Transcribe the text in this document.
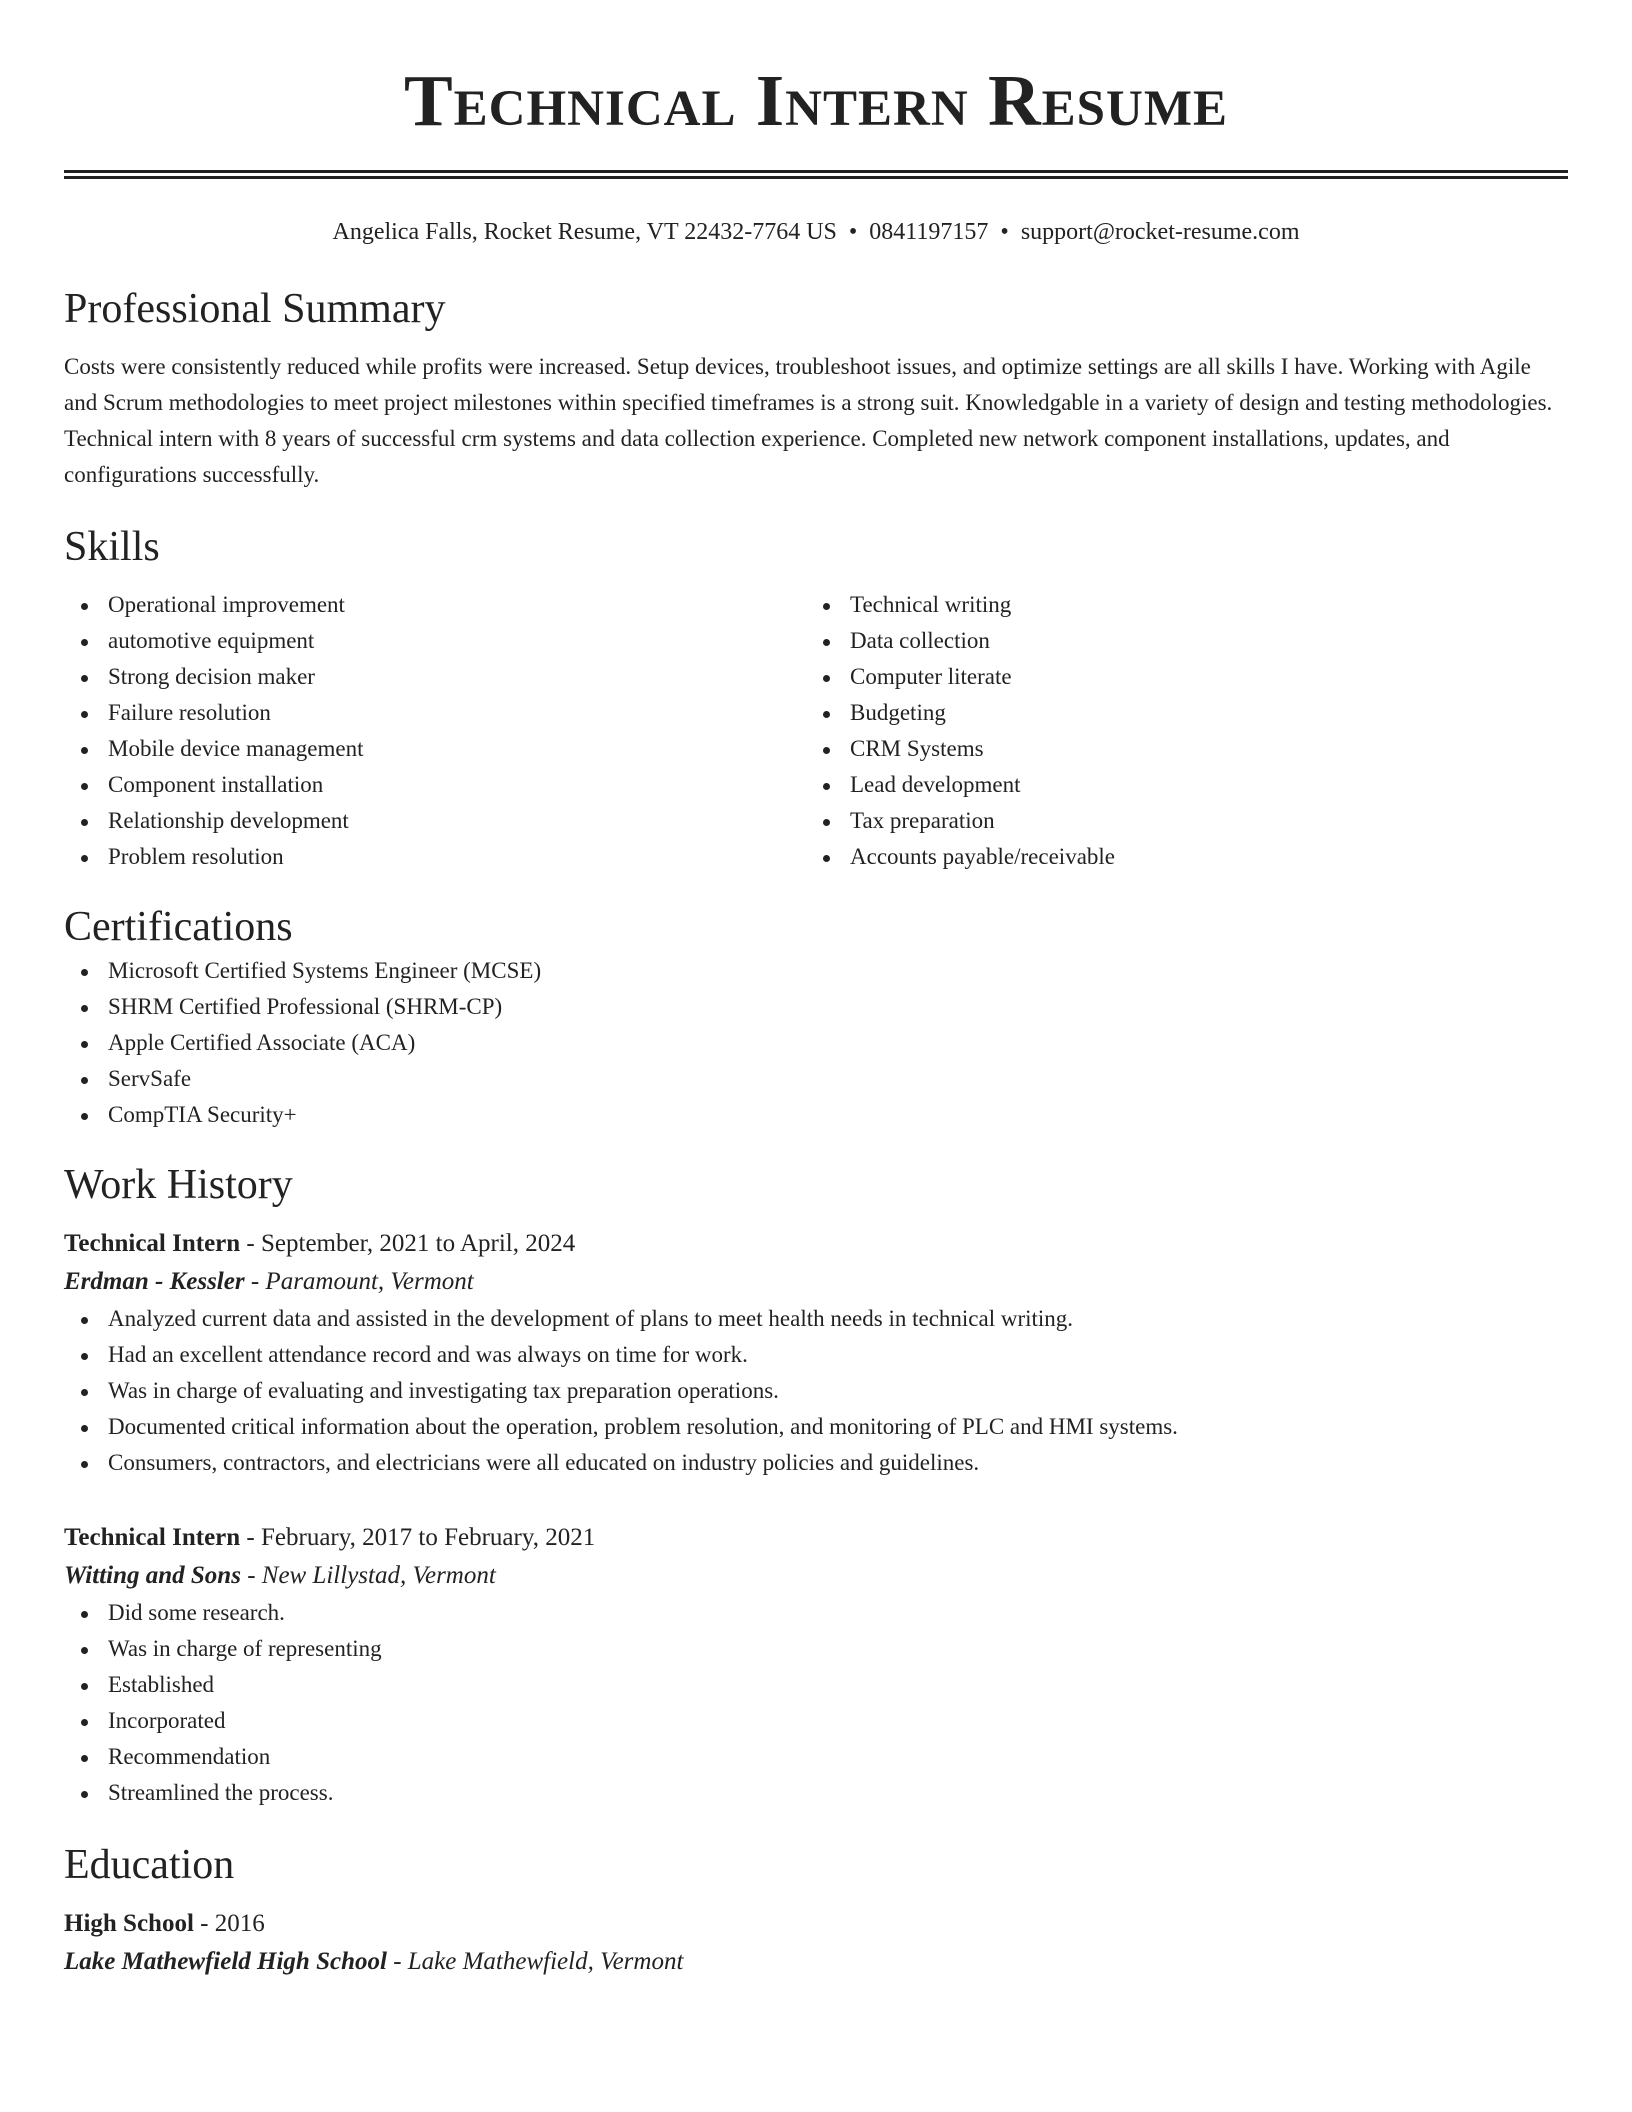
Technical Intern Resume
Angelica Falls, Rocket Resume, VT 22432-7764 US • 0841197157 • support@rocket-resume.com
Professional Summary
Costs were consistently reduced while profits were increased. Setup devices, troubleshoot issues, and optimize settings are all skills I have. Working with Agile and Scrum methodologies to meet project milestones within specified timeframes is a strong suit. Knowledgable in a variety of design and testing methodologies. Technical intern with 8 years of successful crm systems and data collection experience. Completed new network component installations, updates, and configurations successfully.
Skills
Operational improvement
automotive equipment
Strong decision maker
Failure resolution
Mobile device management
Component installation
Relationship development
Problem resolution
Technical writing
Data collection
Computer literate
Budgeting
CRM Systems
Lead development
Tax preparation
Accounts payable/receivable
Certifications
Microsoft Certified Systems Engineer (MCSE)
SHRM Certified Professional (SHRM-CP)
Apple Certified Associate (ACA)
ServSafe
CompTIA Security+
Work History
Technical Intern - September, 2021 to April, 2024
Erdman - Kessler - Paramount, Vermont
Analyzed current data and assisted in the development of plans to meet health needs in technical writing.
Had an excellent attendance record and was always on time for work.
Was in charge of evaluating and investigating tax preparation operations.
Documented critical information about the operation, problem resolution, and monitoring of PLC and HMI systems.
Consumers, contractors, and electricians were all educated on industry policies and guidelines.
Technical Intern - February, 2017 to February, 2021
Witting and Sons - New Lillystad, Vermont
Did some research.
Was in charge of representing
Established
Incorporated
Recommendation
Streamlined the process.
Education
High School - 2016
Lake Mathewfield High School - Lake Mathewfield, Vermont
